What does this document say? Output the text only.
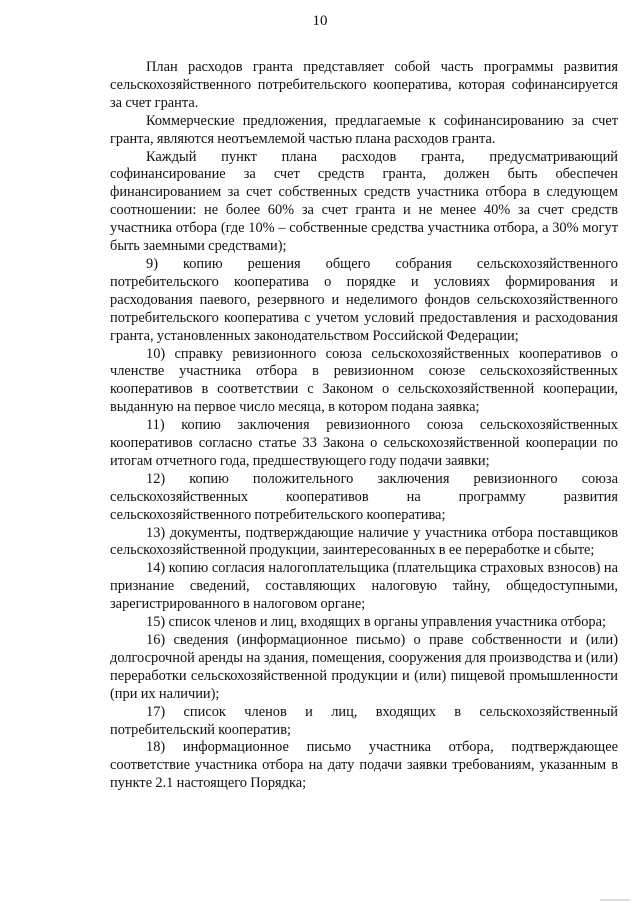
10

План расходов гранта представляет собой часть программы развития сельскохозяйственного потребительского кооператива, которая софинансируется за счет гранта.

Коммерческие предложения, предлагаемые к софинансированию за счет гранта, являются неотъемлемой частью плана расходов гранта.

Каждый пункт плана расходов гранта, предусматривающий софинансирование за счет средств гранта, должен быть обеспечен финансированием за счет собственных средств участника отбора в следующем соотношении: не более 60% за счет гранта и не менее 40% за счет средств участника отбора (где 10% – собственные средства участника отбора, а 30% могут быть заемными средствами);

9) копию решения общего собрания сельскохозяйственного потребительского кооператива о порядке и условиях формирования и расходования паевого, резервного и неделимого фондов сельскохозяйственного потребительского кооператива с учетом условий предоставления и расходования гранта, установленных законодательством Российской Федерации;

10) справку ревизионного союза сельскохозяйственных кооперативов о членстве участника отбора в ревизионном союзе сельскохозяйственных кооперативов в соответствии с Законом о сельскохозяйственной кооперации, выданную на первое число месяца, в котором подана заявка;

11) копию заключения ревизионного союза сельскохозяйственных кооперативов согласно статье 33 Закона о сельскохозяйственной кооперации по итогам отчетного года, предшествующего году подачи заявки;

12) копию положительного заключения ревизионного союза сельскохозяйственных кооперативов на программу развития сельскохозяйственного потребительского кооператива;

13) документы, подтверждающие наличие у участника отбора поставщиков сельскохозяйственной продукции, заинтересованных в ее переработке и сбыте;

14) копию согласия налогоплательщика (плательщика страховых взносов) на признание сведений, составляющих налоговую тайну, общедоступными, зарегистрированного в налоговом органе;

15) список членов и лиц, входящих в органы управления участника отбора;

16) сведения (информационное письмо) о праве собственности и (или) долгосрочной аренды на здания, помещения, сооружения для производства и (или) переработки сельскохозяйственной продукции и (или) пищевой промышленности (при их наличии);

17) список членов и лиц, входящих в сельскохозяйственный потребительский кооператив;

18) информационное письмо участника отбора, подтверждающее соответствие участника отбора на дату подачи заявки требованиям, указанным в пункте 2.1 настоящего Порядка;
